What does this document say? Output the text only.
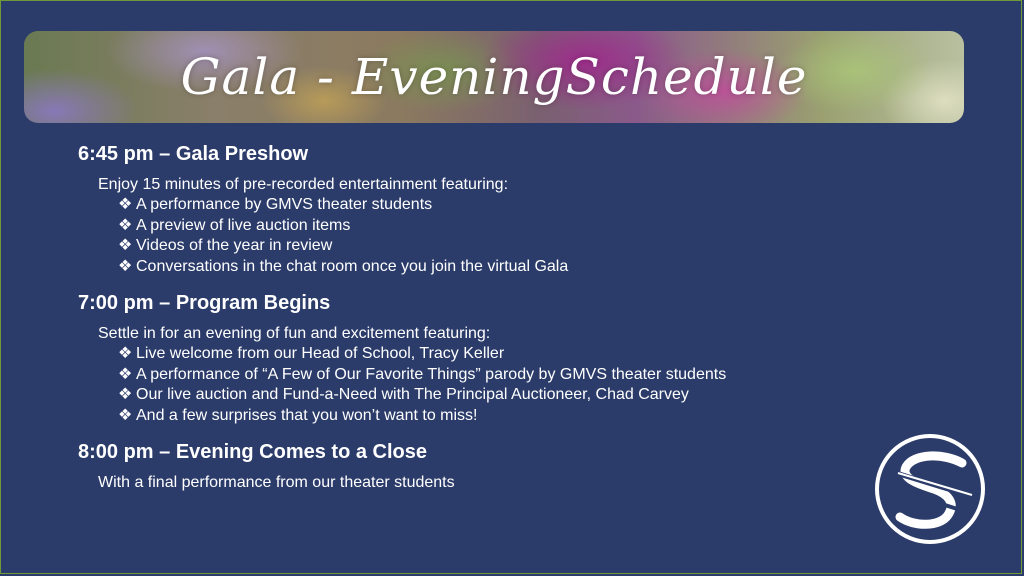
Gala - EveningSchedule
6:45 pm – Gala Preshow
Enjoy 15 minutes of pre-recorded entertainment featuring:
❖ A performance by GMVS theater students
❖ A preview of live auction items
❖ Videos of the year in review
❖ Conversations in the chat room once you join the virtual Gala
7:00 pm – Program Begins
Settle in for an evening of fun and excitement featuring:
❖ Live welcome from our Head of School, Tracy Keller
❖ A performance of “A Few of Our Favorite Things” parody by GMVS theater students
❖ Our live auction and Fund-a-Need with The Principal Auctioneer, Chad Carvey
❖ And a few surprises that you won’t want to miss!
8:00 pm – Evening Comes to a Close
With a final performance from our theater students
